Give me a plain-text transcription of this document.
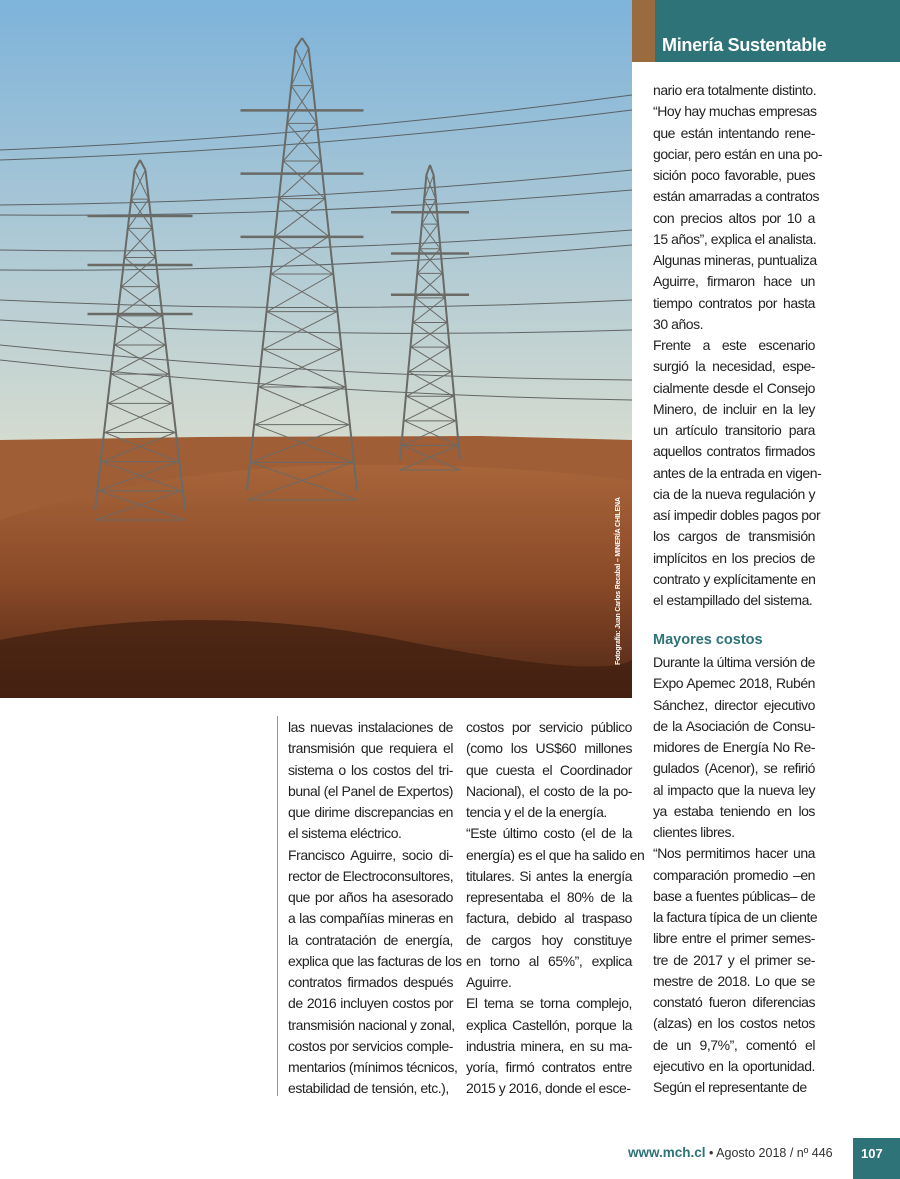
Fotografía: Juan Carlos Recabal – MINERÍA CHILENA
Minería Sustentable
las nuevas instalaciones de
transmisión que requiera el
sistema o los costos del tri-
bunal (el Panel de Expertos)
que dirime discrepancias en
el sistema eléctrico.
Francisco Aguirre, socio di-
rector de Electroconsultores,
que por años ha asesorado
a las compañías mineras en
la contratación de energía,
explica que las facturas de los
contratos firmados después
de 2016 incluyen costos por
transmisión nacional y zonal,
costos por servicios comple-
mentarios (mínimos técnicos,
estabilidad de tensión, etc.),
costos por servicio público
(como los US$60 millones
que cuesta el Coordinador
Nacional), el costo de la po-
tencia y el de la energía.
“Este último costo (el de la
energía) es el que ha salido en
titulares. Si antes la energía
representaba el 80% de la
factura, debido al traspaso
de cargos hoy constituye
en torno al 65%”, explica
Aguirre.
El tema se torna complejo,
explica Castellón, porque la
industria minera, en su ma-
yoría, firmó contratos entre
2015 y 2016, donde el esce-
nario era totalmente distinto.
“Hoy hay muchas empresas
que están intentando rene-
gociar, pero están en una po-
sición poco favorable, pues
están amarradas a contratos
con precios altos por 10 a
15 años”, explica el analista.
Algunas mineras, puntualiza
Aguirre, firmaron hace un
tiempo contratos por hasta
30 años.
Frente a este escenario
surgió la necesidad, espe-
cialmente desde el Consejo
Minero, de incluir en la ley
un artículo transitorio para
aquellos contratos firmados
antes de la entrada en vigen-
cia de la nueva regulación y
así impedir dobles pagos por
los cargos de transmisión
implícitos en los precios de
contrato y explícitamente en
el estampillado del sistema.
Mayores costos
Durante la última versión de
Expo Apemec 2018, Rubén
Sánchez, director ejecutivo
de la Asociación de Consu-
midores de Energía No Re-
gulados (Acenor), se refirió
al impacto que la nueva ley
ya estaba teniendo en los
clientes libres.
“Nos permitimos hacer una
comparación promedio –en
base a fuentes públicas– de
la factura típica de un cliente
libre entre el primer semes-
tre de 2017 y el primer se-
mestre de 2018. Lo que se
constató fueron diferencias
(alzas) en los costos netos
de un 9,7%”, comentó el
ejecutivo en la oportunidad.
Según el representante de
www.mch.cl • Agosto 2018 / nº 446 107
